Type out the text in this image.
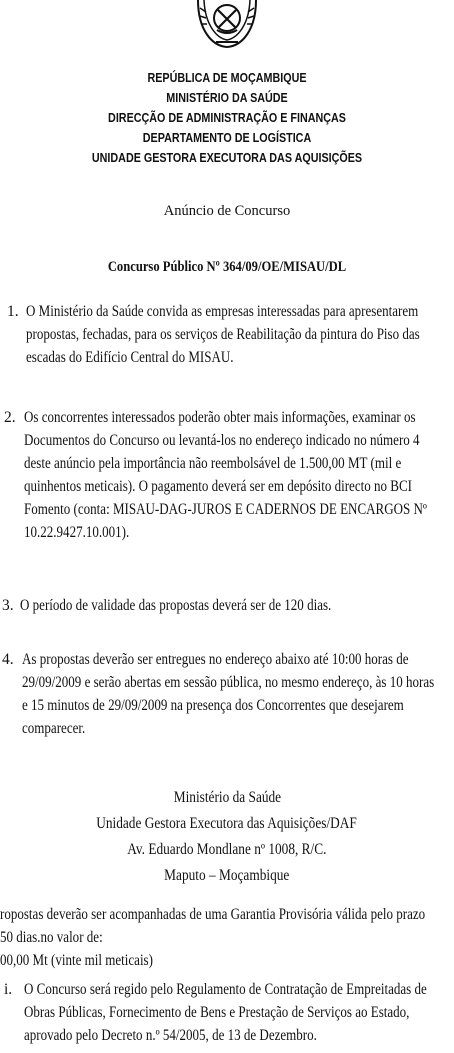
REPÚBLICA DE MOÇAMBIQUE
MINISTÉRIO DA SAÚDE
DIRECÇÃO DE ADMINISTRAÇÃO E FINANÇAS
DEPARTAMENTO DE LOGÍSTICA
UNIDADE GESTORA EXECUTORA DAS AQUISIÇÕES
Anúncio de Concurso
Concurso Público Nº 364/09/OE/MISAU/DL
1. O Ministério da Saúde convida as empresas interessadas para apresentarem
propostas, fechadas, para os serviços de Reabilitação da pintura do Piso das
escadas do Edifício Central do MISAU.
2. Os concorrentes interessados poderão obter mais informações, examinar os
Documentos do Concurso ou levantá-los no endereço indicado no número 4
deste anúncio pela importância não reembolsável de 1.500,00 MT (mil e
quinhentos meticais). O pagamento deverá ser em depósito directo no BCI
Fomento (conta: MISAU-DAG-JUROS E CADERNOS DE ENCARGOS Nº
10.22.9427.10.001).
3. O período de validade das propostas deverá ser de 120 dias.
4. As propostas deverão ser entregues no endereço abaixo até 10:00 horas de
29/09/2009 e serão abertas em sessão pública, no mesmo endereço, às 10 horas
e 15 minutos de 29/09/2009 na presença dos Concorrentes que desejarem
comparecer.
Ministério da Saúde
Unidade Gestora Executora das Aquisições/DAF
Av. Eduardo Mondlane nº 1008, R/C.
Maputo – Moçambique
ropostas deverão ser acompanhadas de uma Garantia Provisória válida pelo prazo
50 dias.no valor de:
00,00 Mt (vinte mil meticais)
i. O Concurso será regido pelo Regulamento de Contratação de Empreitadas de
Obras Públicas, Fornecimento de Bens e Prestação de Serviços ao Estado,
aprovado pelo Decreto n.º 54/2005, de 13 de Dezembro.
